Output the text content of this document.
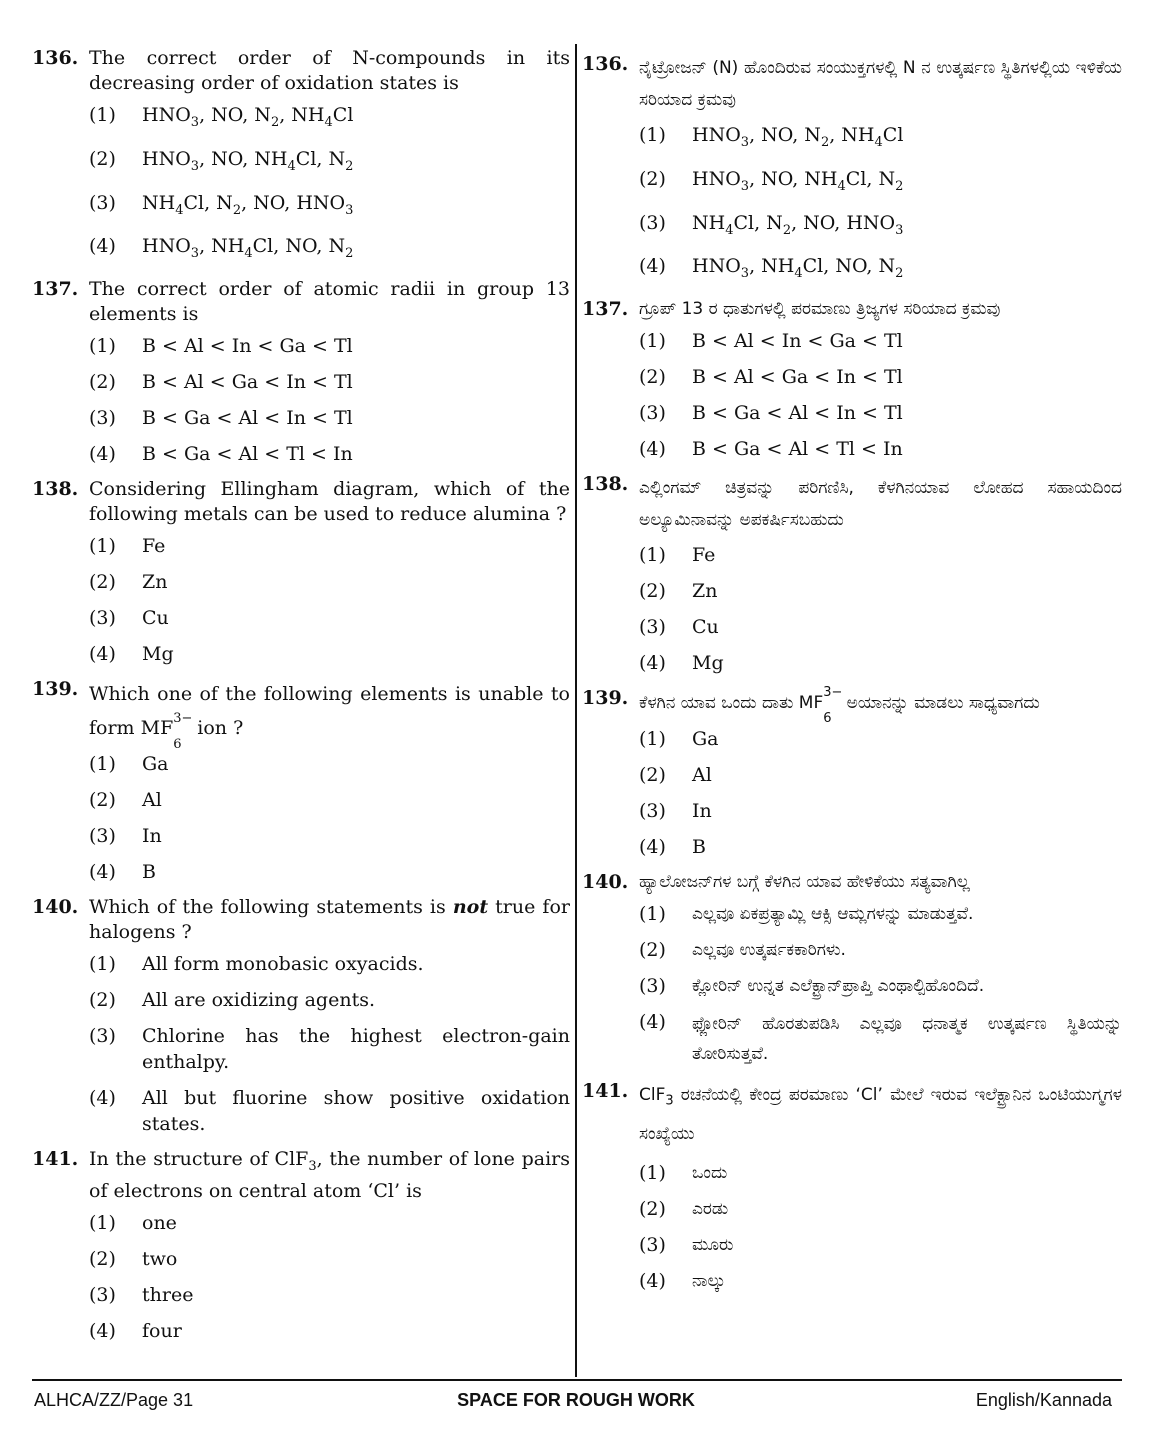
136. The correct order of N-compounds in its decreasing order of oxidation states is
(1) $HNO_3$, NO, $N_2$, $NH_4Cl$
(2) $HNO_3$, NO, $NH_4Cl$, $N_2$
(3) $NH_4Cl$, $N_2$, NO, $HNO_3$
(4) $HNO_3$, $NH_4Cl$, NO, $N_2$
137. The correct order of atomic radii in group 13 elements is
(1) B < Al < In < Ga < Tl
(2) B < Al < Ga < In < Tl
(3) B < Ga < Al < In < Tl
(4) B < Ga < Al < Tl < In
138. Considering Ellingham diagram, which of the following metals can be used to reduce alumina ?
(1) Fe
(2) Zn
(3) Cu
(4) Mg
139. Which one of the following elements is unable to form MF 3−
6
ion ?
(1) Ga
(2) Al
(3) In
(4) B
140. Which of the following statements is not true for halogens ?
(1) All form monobasic oxyacids.
(2) All are oxidizing agents.
(3) Chlorine has the highest electron-gain enthalpy.
(4) All but fluorine show positive oxidation states.
141. In the structure of ClF$_3$, the number of lone pairs of electrons on central atom ‘Cl’ is
(1) one
(2) two
(3) three
(4) four
136. ನೈಟ್ರೋಜನ್ (N) ಹೊಂದಿರುವ ಸಂಯುಕ್ತಗಳಲ್ಲಿ N ನ ಉತ್ಕರ್ಷಣ ಸ್ಥಿತಿಗಳಲ್ಲಿಯ ಇಳಿಕೆಯ ಸರಿಯಾದ ಕ್ರಮವು
(1) $HNO_3$, NO, $N_2$, $NH_4Cl$
(2) $HNO_3$, NO, $NH_4Cl$, $N_2$
(3) $NH_4Cl$, $N_2$, NO, $HNO_3$
(4) $HNO_3$, $NH_4Cl$, NO, $N_2$
137. ಗ್ರೂಪ್ 13 ರ ಧಾತುಗಳಲ್ಲಿ ಪರಮಾಣು ತ್ರಿಜ್ಯಗಳ ಸರಿಯಾದ ಕ್ರಮವು
(1) B < Al < In < Ga < Tl
(2) B < Al < Ga < In < Tl
(3) B < Ga < Al < In < Tl
(4) B < Ga < Al < Tl < In
138. ಎಲ್ಲಿಂಗಮ್ ಚಿತ್ರವನ್ನು ಪರಿಗಣಿಸಿ, ಕೆಳಗಿನಯಾವ ಲೋಹದ ಸಹಾಯದಿಂದ ಅಲ್ಯೂಮಿನಾವನ್ನು ಅಪಕರ್ಷಿಸಬಹುದು
(1) Fe
(2) Zn
(3) Cu
(4) Mg
139. ಕೆಳಗಿನ ಯಾವ ಒಂದು ದಾತು MF
3−
6
ಅಯಾನನ್ನು ಮಾಡಲು ಸಾಧ್ಯವಾಗದು
(1) Ga
(2) Al
(3) In
(4) B
140. ಹ್ಯಾಲೋಜನ್‌ಗಳ ಬಗ್ಗೆ ಕೆಳಗಿನ ಯಾವ ಹೇಳಿಕೆಯು ಸತ್ಯವಾಗಿಲ್ಲ
(1) ಎಲ್ಲವೂ ಏಕಪ್ರತ್ಯಾಮ್ಲಿ ಆಕ್ಸಿ ಆಮ್ಲಗಳನ್ನು ಮಾಡುತ್ತವೆ.
(2) ಎಲ್ಲವೂ ಉತ್ಕರ್ಷಕಕಾರಿಗಳು.
(3) ಕ್ಲೋರಿನ್ ಉನ್ನತ ಎಲೆಕ್ಟ್ರಾನ್‌ಪ್ರಾಪ್ತಿ ಎಂಥಾಲ್ಪಿಹೊಂದಿದೆ.
(4) ಫ್ಲೋರಿನ್ ಹೊರತುಪಡಿಸಿ ಎಲ್ಲವೂ ಧನಾತ್ಮಕ ಉತ್ಕರ್ಷಣ ಸ್ಥಿತಿಯನ್ನು ತೋರಿಸುತ್ತವೆ.
141. ClF$_3$ ರಚನೆಯಲ್ಲಿ ಕೇಂದ್ರ ಪರಮಾಣು ‘Cl’ ಮೇಲೆ ಇರುವ ಇಲೆಕ್ಟ್ರಾನಿನ ಒಂಟಿಯುಗ್ಮಗಳ ಸಂಖ್ಯೆಯು
(1) ಒಂದು
(2) ಎರಡು
(3) ಮೂರು
(4) ನಾಲ್ಕು
ALHCA/ZZ/Page 31	SPACE FOR ROUGH WORK	English/Kannada
